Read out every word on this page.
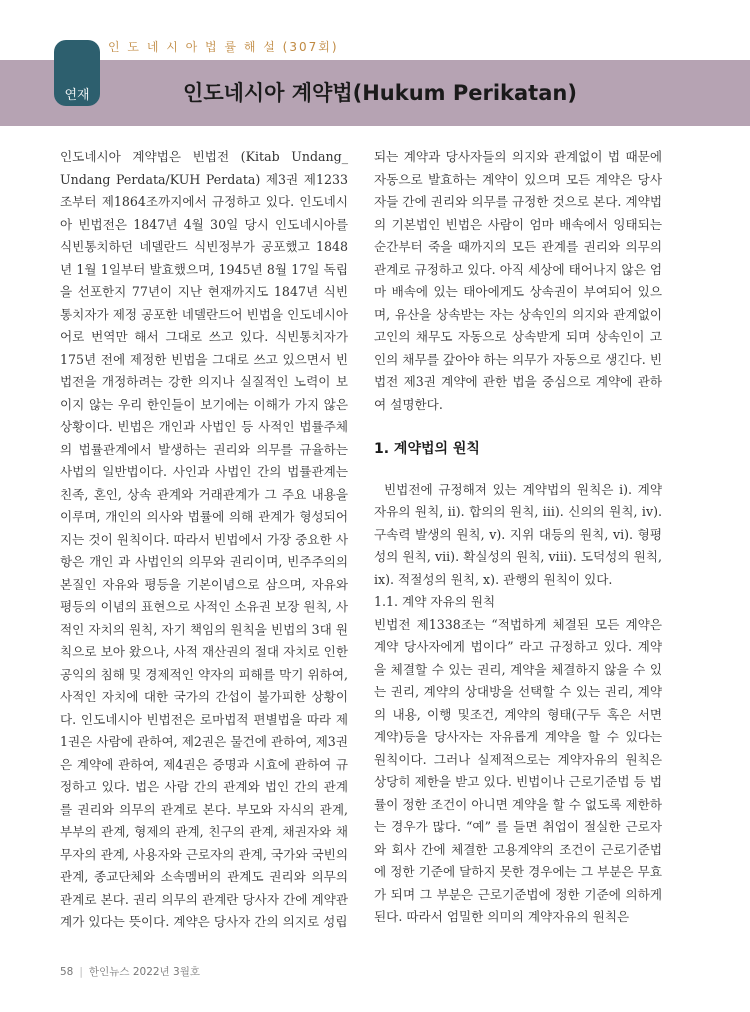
인 도 네 시 아 법 률 해 설 (307회)
연재	인도네시아 계약법(Hukum Perikatan)

인도네시아 계약법은 빈법전 (Kitab Undang_ Undang Perdata/KUH Perdata) 제3권 제1233조부터 제1864조까지에서 규정하고 있다. 인도네시아 빈법전은 1847년 4월 30일 당시 인도네시아를 식빈통치하던 네델란드 식빈정부가 공포했고 1848년 1월 1일부터 발효했으며, 1945년 8월 17일 독립을 선포한지 77년이 지난 현재까지도 1847년 식빈통치자가 제정 공포한 네델란드어 빈법을 인도네시아어로 번역만 해서 그대로 쓰고 있다. 식빈통치자가 175년 전에 제정한 빈법을 그대로 쓰고 있으면서 빈법전을 개정하려는 강한 의지나 실질적인 노력이 보이지 않는 우리 한인들이 보기에는 이해가 가지 않은 상황이다. 빈법은 개인과 사법인 등 사적인 법률주체의 법률관계에서 발생하는 권리와 의무를 규율하는 사법의 일반법이다. 사인과 사법인 간의 법률관계는 친족, 혼인, 상속 관계와 거래관계가 그 주요 내용을 이루며, 개인의 의사와 법률에 의해 관계가 형성되어지는 것이 원칙이다. 따라서 빈법에서 가장 중요한 사항은 개인 과 사법인의 의무와 권리이며, 빈주주의의 본질인 자유와 평등을 기본이념으로 삼으며, 자유와 평등의 이념의 표현으로 사적인 소유권 보장 원칙, 사적인 자치의 원칙, 자기 책임의 원칙을 빈법의 3대 원칙으로 보아 왔으나, 사적 재산권의 절대 자치로 인한 공익의 침해 및 경제적인 약자의 피해를 막기 위하여, 사적인 자치에 대한 국가의 간섭이 불가피한 상황이다. 인도네시아 빈법전은 로마법적 편별법을 따라 제1권은 사람에 관하여, 제2권은 물건에 관하여, 제3권은 계약에 관하여, 제4권은 증명과 시효에 관하여 규정하고 있다. 법은 사람 간의 관계와 법인 간의 관계를 권리와 의무의 관계로 본다. 부모와 자식의 관계, 부부의 관계, 형제의 관계, 친구의 관계, 채권자와 채무자의 관계, 사용자와 근로자의 관계, 국가와 국빈의 관계, 종교단체와 소속멤버의 관계도 권리와 의무의 관계로 본다. 권리 의무의 관계란 당사자 간에 계약관계가 있다는 뜻이다. 계약은 당사자 간의 의지로 성립

되는 계약과 당사자들의 의지와 관계없이 법 때문에 자동으로 발효하는 계약이 있으며 모든 계약은 당사자들 간에 권리와 의무를 규정한 것으로 본다. 계약법의 기본법인 빈법은 사람이 엄마 배속에서 잉태되는 순간부터 죽을 때까지의 모든 관계를 권리와 의무의 관계로 규정하고 있다. 아직 세상에 태어나지 않은 엄마 배속에 있는 태아에게도 상속권이 부여되어 있으며, 유산을 상속받는 자는 상속인의 의지와 관계없이 고인의 채무도 자동으로 상속받게 되며 상속인이 고인의 채무를 갚아야 하는 의무가 자동으로 생긴다. 빈법전 제3권 계약에 관한 법을 중심으로 계약에 관하여 설명한다.

1. 계약법의 원칙

빈법전에 규정해져 있는 계약법의 원칙은 i). 계약 자유의 원칙, ii). 합의의 원칙, iii). 신의의 원칙, iv). 구속력 발생의 원칙, v). 지위 대등의 원칙, vi). 형평성의 원칙, vii). 확실성의 원칙, viii). 도덕성의 원칙, ix). 적절성의 원칙, x). 관행의 원칙이 있다.

1.1. 계약 자유의 원칙

빈법전 제1338조는 “적법하게 체결된 모든 계약은 계약 당사자에게 법이다” 라고 규정하고 있다. 계약을 체결할 수 있는 권리, 계약을 체결하지 않을 수 있는 권리, 계약의 상대방을 선택할 수 있는 권리, 계약의 내용, 이행 및조건, 계약의 형태(구두 혹은 서면 계약)등을 당사자는 자유롭게 계약을 할 수 있다는 원칙이다. 그러나 실제적으로는 계약자유의 원칙은 상당히 제한을 받고 있다. 빈법이나 근로기준법 등 법률이 정한 조건이 아니면 계약을 할 수 없도록 제한하는 경우가 많다. “예” 를 들면 취업이 절실한 근로자와 회사 간에 체결한 고용계약의 조건이 근로기준법에 정한 기준에 달하지 못한 경우에는 그 부분은 무효가 되며 그 부분은 근로기준법에 정한 기준에 의하게 된다. 따라서 엄밀한 의미의 계약자유의 원칙은

58 | 한인뉴스 2022년 3월호
